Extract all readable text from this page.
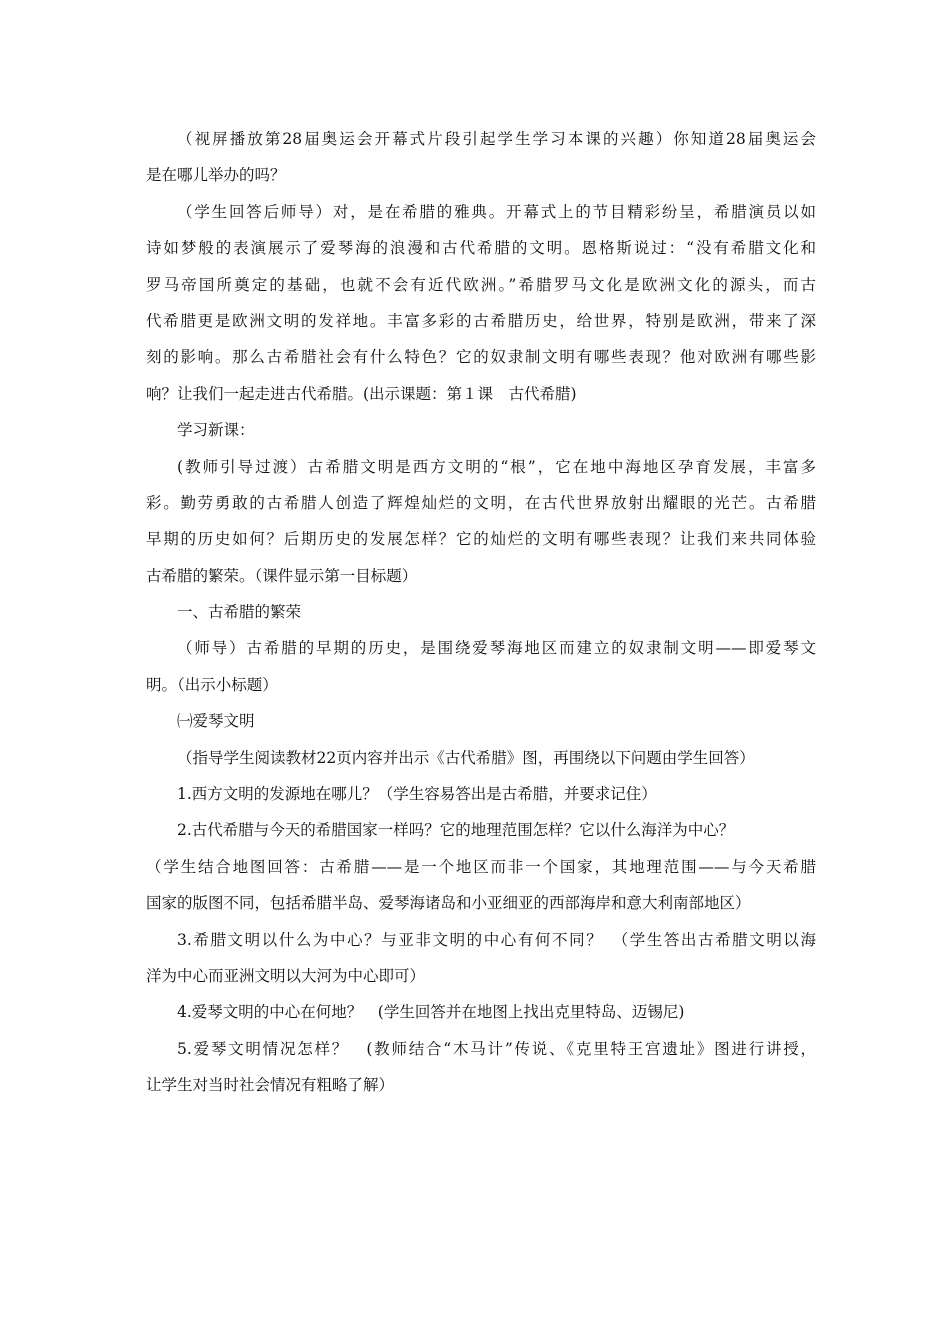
（视屏播放第28届奥运会开幕式片段引起学生学习本课的兴趣）你知道28届奥运会
是在哪儿举办的吗？
（学生回答后师导）对，是在希腊的雅典。开幕式上的节目精彩纷呈，希腊演员以如
诗如梦般的表演展示了爱琴海的浪漫和古代希腊的文明。恩格斯说过：“没有希腊文化和
罗马帝国所奠定的基础，也就不会有近代欧洲。”希腊罗马文化是欧洲文化的源头，而古
代希腊更是欧洲文明的发祥地。丰富多彩的古希腊历史，给世界，特别是欧洲，带来了深
刻的影响。那么古希腊社会有什么特色？它的奴隶制文明有哪些表现？他对欧洲有哪些影
响？让我们一起走进古代希腊。(出示课题：第１课　古代希腊)
学习新课：
(教师引导过渡）古希腊文明是西方文明的“根”，它在地中海地区孕育发展，丰富多
彩。勤劳勇敢的古希腊人创造了辉煌灿烂的文明，在古代世界放射出耀眼的光芒。古希腊
早期的历史如何？后期历史的发展怎样？它的灿烂的文明有哪些表现？让我们来共同体验
古希腊的繁荣。（课件显示第一目标题）
一、古希腊的繁荣
（师导）古希腊的早期的历史，是围绕爱琴海地区而建立的奴隶制文明——即爱琴文
明。（出示小标题）
㈠爱琴文明
（指导学生阅读教材22页内容并出示《古代希腊》图，再围绕以下问题由学生回答）
1.西方文明的发源地在哪儿？（学生容易答出是古希腊，并要求记住）
2.古代希腊与今天的希腊国家一样吗？它的地理范围怎样？它以什么海洋为中心？
（学生结合地图回答：古希腊——是一个地区而非一个国家，其地理范围——与今天希腊
国家的版图不同，包括希腊半岛、爱琴海诸岛和小亚细亚的西部海岸和意大利南部地区）
3.希腊文明以什么为中心？与亚非文明的中心有何不同？　（学生答出古希腊文明以海
洋为中心而亚洲文明以大河为中心即可）
4.爱琴文明的中心在何地？　(学生回答并在地图上找出克里特岛、迈锡尼)
5.爱琴文明情况怎样？　(教师结合“木马计”传说、《克里特王宫遗址》图进行讲授，
让学生对当时社会情况有粗略了解）
